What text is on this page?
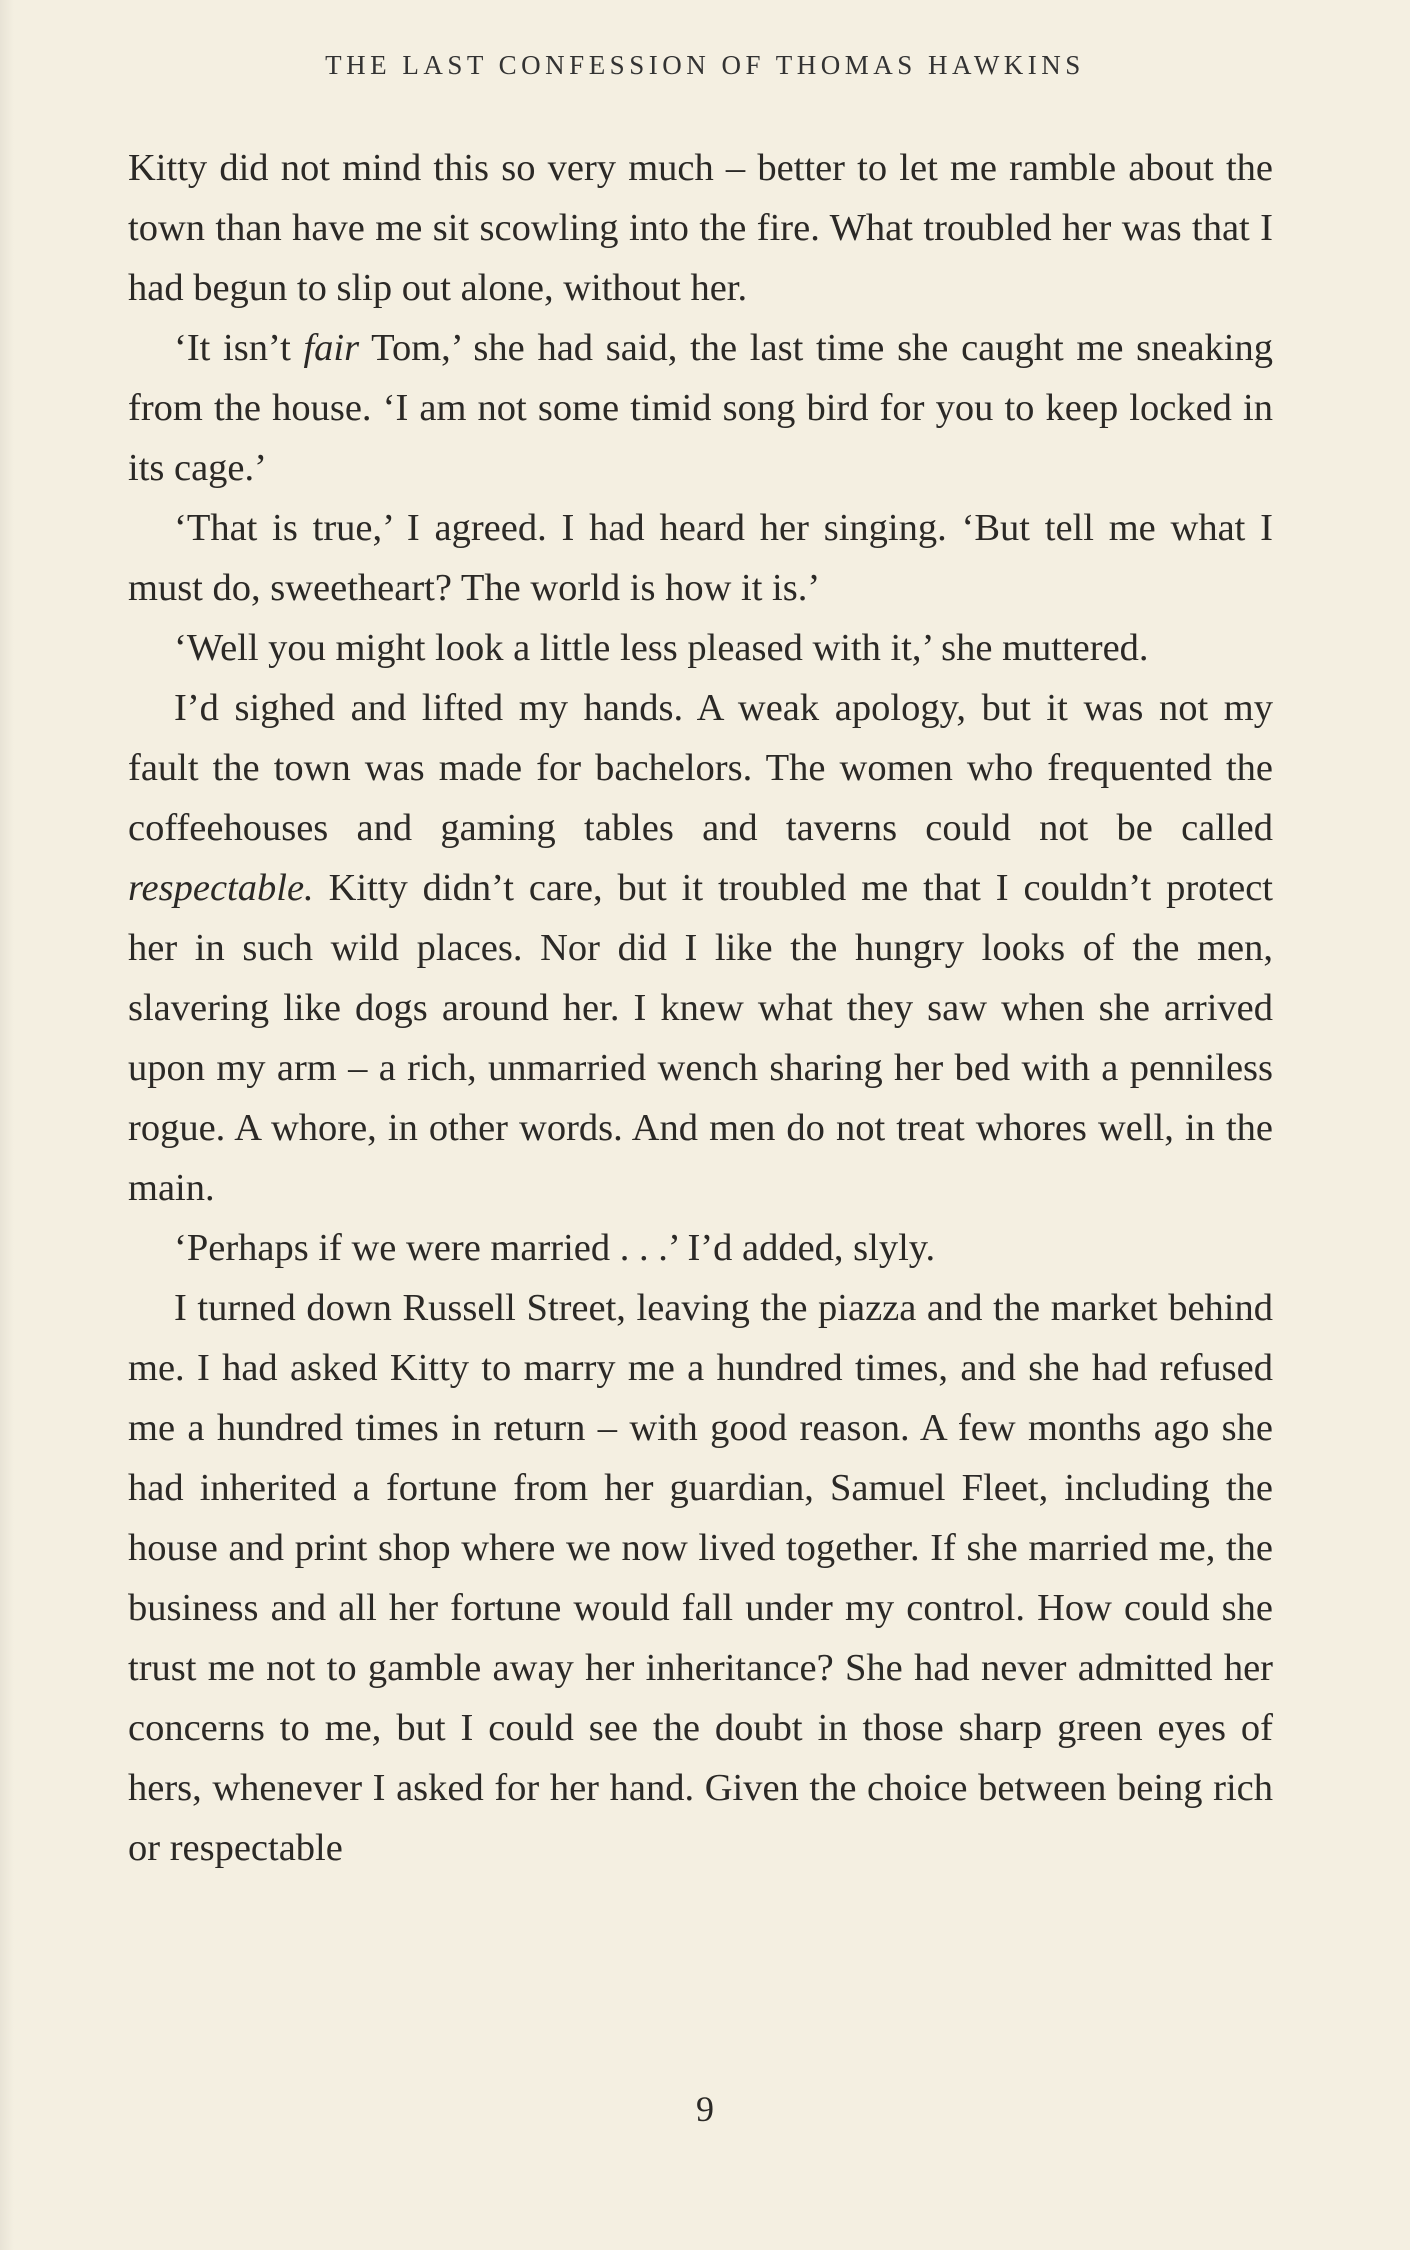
THE LAST CONFESSION OF THOMAS HAWKINS

Kitty did not mind this so very much – better to let me ramble about the town than have me sit scowling into the fire. What troubled her was that I had begun to slip out alone, without her.

‘It isn’t fair Tom,’ she had said, the last time she caught me sneaking from the house. ‘I am not some timid song bird for you to keep locked in its cage.’

‘That is true,’ I agreed. I had heard her singing. ‘But tell me what I must do, sweetheart? The world is how it is.’

‘Well you might look a little less pleased with it,’ she muttered.

I’d sighed and lifted my hands. A weak apology, but it was not my fault the town was made for bachelors. The women who frequented the coffeehouses and gaming tables and taverns could not be called respectable. Kitty didn’t care, but it troubled me that I couldn’t protect her in such wild places. Nor did I like the hungry looks of the men, slavering like dogs around her. I knew what they saw when she arrived upon my arm – a rich, unmarried wench sharing her bed with a penniless rogue. A whore, in other words. And men do not treat whores well, in the main.

‘Perhaps if we were married . . .’ I’d added, slyly.

I turned down Russell Street, leaving the piazza and the market behind me. I had asked Kitty to marry me a hundred times, and she had refused me a hundred times in return – with good reason. A few months ago she had inherited a fortune from her guardian, Samuel Fleet, including the house and print shop where we now lived together. If she married me, the business and all her fortune would fall under my control. How could she trust me not to gamble away her inheritance? She had never admitted her concerns to me, but I could see the doubt in those sharp green eyes of hers, whenever I asked for her hand. Given the choice between being rich or respectable

9
